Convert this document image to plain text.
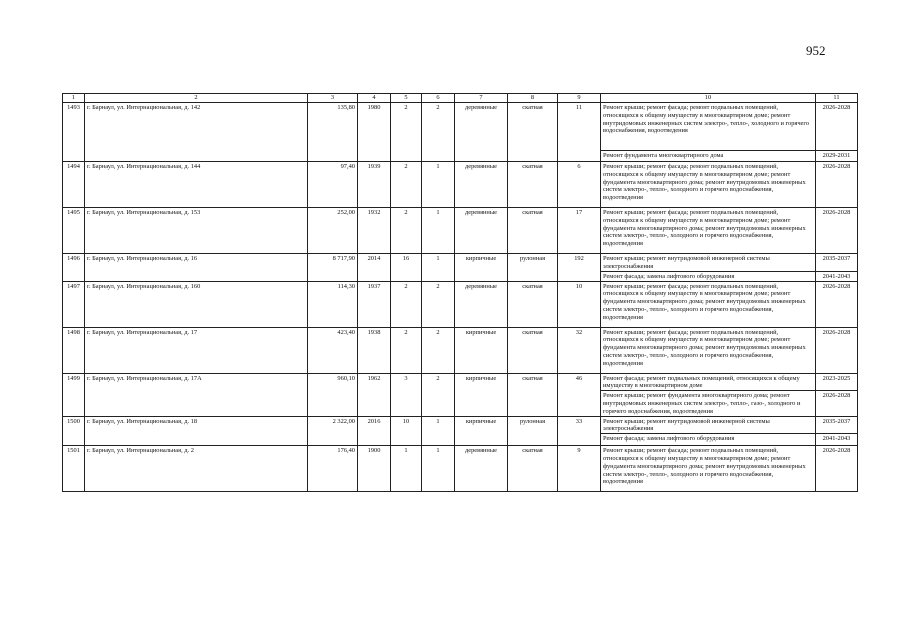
952
1	2	3	4	5	6	7	8	9	10	11
1493	г. Барнаул, ул. Интернациональная, д. 142	135,80	1980	2	2	деревянные	скатная	11	Ремонт крыши; ремонт фасада; ремонт подвальных помещений, относящихся к общему имуществу в многоквартирном доме; ремонт внутридомовых инженерных систем электро-, тепло-, холодного и горячего водоснабжения, водоотведения	2026-2028
									Ремонт фундамента многоквартирного дома	2029-2031
1494	г. Барнаул, ул. Интернациональная, д. 144	97,40	1939	2	1	деревянные	скатная	6	Ремонт крыши; ремонт фасада; ремонт подвальных помещений, относящихся к общему имуществу в многоквартирном доме; ремонт фундамента многоквартирного дома; ремонт внутридомовых инженерных систем электро-, тепло-, холодного и горячего водоснабжения, водоотведения	2026-2028
1495	г. Барнаул, ул. Интернациональная, д. 153	252,00	1932	2	1	деревянные	скатная	17	Ремонт крыши; ремонт фасада; ремонт подвальных помещений, относящихся к общему имуществу в многоквартирном доме; ремонт фундамента многоквартирного дома; ремонт внутридомовых инженерных систем электро-, тепло-, холодного и горячего водоснабжения, водоотведения	2026-2028
1496	г. Барнаул, ул. Интернациональная, д. 16	8 717,90	2014	16	1	кирпичные	рулонная	192	Ремонт крыши; ремонт внутридомовой инженерной системы электроснабжения	2035-2037
									Ремонт фасада; замена лифтового оборудования	2041-2043
1497	г. Барнаул, ул. Интернациональная, д. 160	114,30	1937	2	2	деревянные	скатная	10	Ремонт крыши; ремонт фасада; ремонт подвальных помещений, относящихся к общему имуществу в многоквартирном доме; ремонт фундамента многоквартирного дома; ремонт внутридомовых инженерных систем электро-, тепло-, холодного и горячего водоснабжения, водоотведения	2026-2028
1498	г. Барнаул, ул. Интернациональная, д. 17	423,40	1938	2	2	кирпичные	скатная	32	Ремонт крыши; ремонт фасада; ремонт подвальных помещений, относящихся к общему имуществу в многоквартирном доме; ремонт фундамента многоквартирного дома; ремонт внутридомовых инженерных систем электро-, тепло-, холодного и горячего водоснабжения, водоотведения	2026-2028
1499	г. Барнаул, ул. Интернациональная, д. 17А	960,10	1962	3	2	кирпичные	скатная	46	Ремонт фасада; ремонт подвальных помещений, относящихся к общему имуществу в многоквартирном доме	2023-2025
									Ремонт крыши; ремонт фундамента многоквартирного дома; ремонт внутридомовых инженерных систем электро-, тепло-, газо-, холодного и горячего водоснабжения, водоотведения	2026-2028
1500	г. Барнаул, ул. Интернациональная, д. 18	2 322,00	2016	10	1	кирпичные	рулонная	33	Ремонт крыши; ремонт внутридомовой инженерной системы электроснабжения	2035-2037
									Ремонт фасада; замена лифтового оборудования	2041-2043
1501	г. Барнаул, ул. Интернациональная, д. 2	176,40	1900	1	1	деревянные	скатная	9	Ремонт крыши; ремонт фасада; ремонт подвальных помещений, относящихся к общему имуществу в многоквартирном доме; ремонт фундамента многоквартирного дома; ремонт внутридомовых инженерных систем электро-, тепло-, холодного и горячего водоснабжения, водоотведения	2026-2028
